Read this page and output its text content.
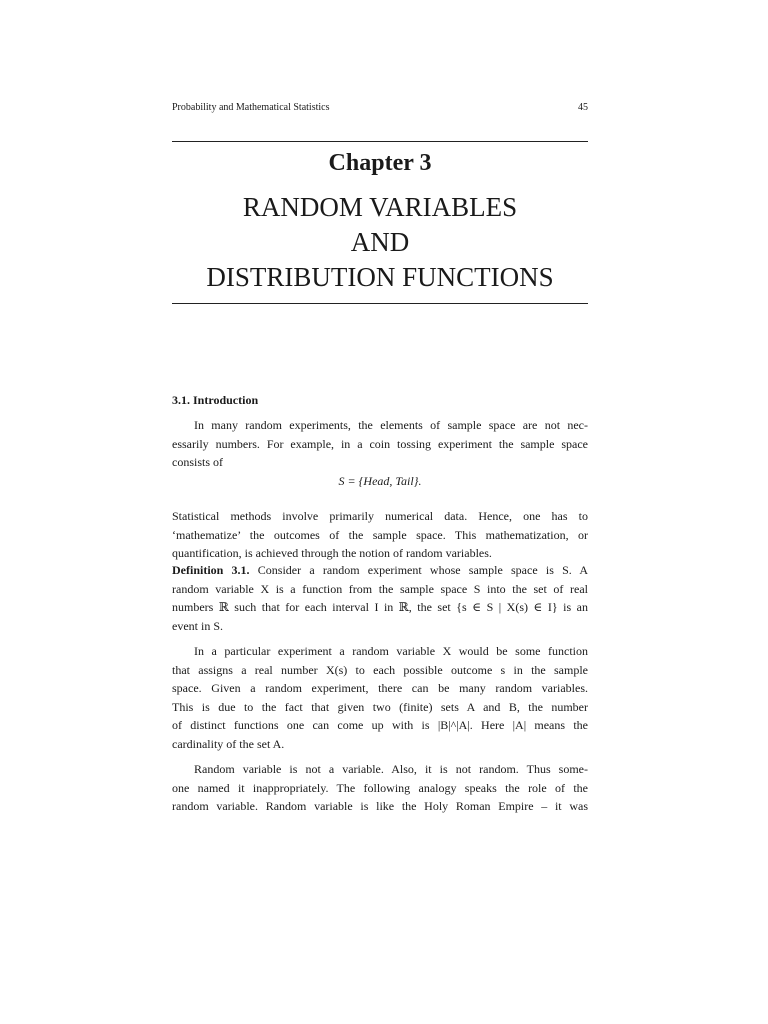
Probability and Mathematical Statistics	45
Chapter 3
RANDOM VARIABLES
AND
DISTRIBUTION FUNCTIONS
3.1. Introduction
In many random experiments, the elements of sample space are not nec-
essarily numbers. For example, in a coin tossing experiment the sample space
consists of
S = {Head, Tail}.
Statistical methods involve primarily numerical data. Hence, one has to
‘mathematize’ the outcomes of the sample space. This mathematization, or
quantification, is achieved through the notion of random variables.
Definition 3.1. Consider a random experiment whose sample space is S. A
random variable X is a function from the sample space S into the set of real
numbers ℝ such that for each interval I in ℝ, the set {s ∈ S | X(s) ∈ I} is an
event in S.
In a particular experiment a random variable X would be some function
that assigns a real number X(s) to each possible outcome s in the sample
space. Given a random experiment, there can be many random variables.
This is due to the fact that given two (finite) sets A and B, the number
of distinct functions one can come up with is |B|^|A|. Here |A| means the
cardinality of the set A.
Random variable is not a variable. Also, it is not random. Thus some-
one named it inappropriately. The following analogy speaks the role of the
random variable. Random variable is like the Holy Roman Empire – it was
